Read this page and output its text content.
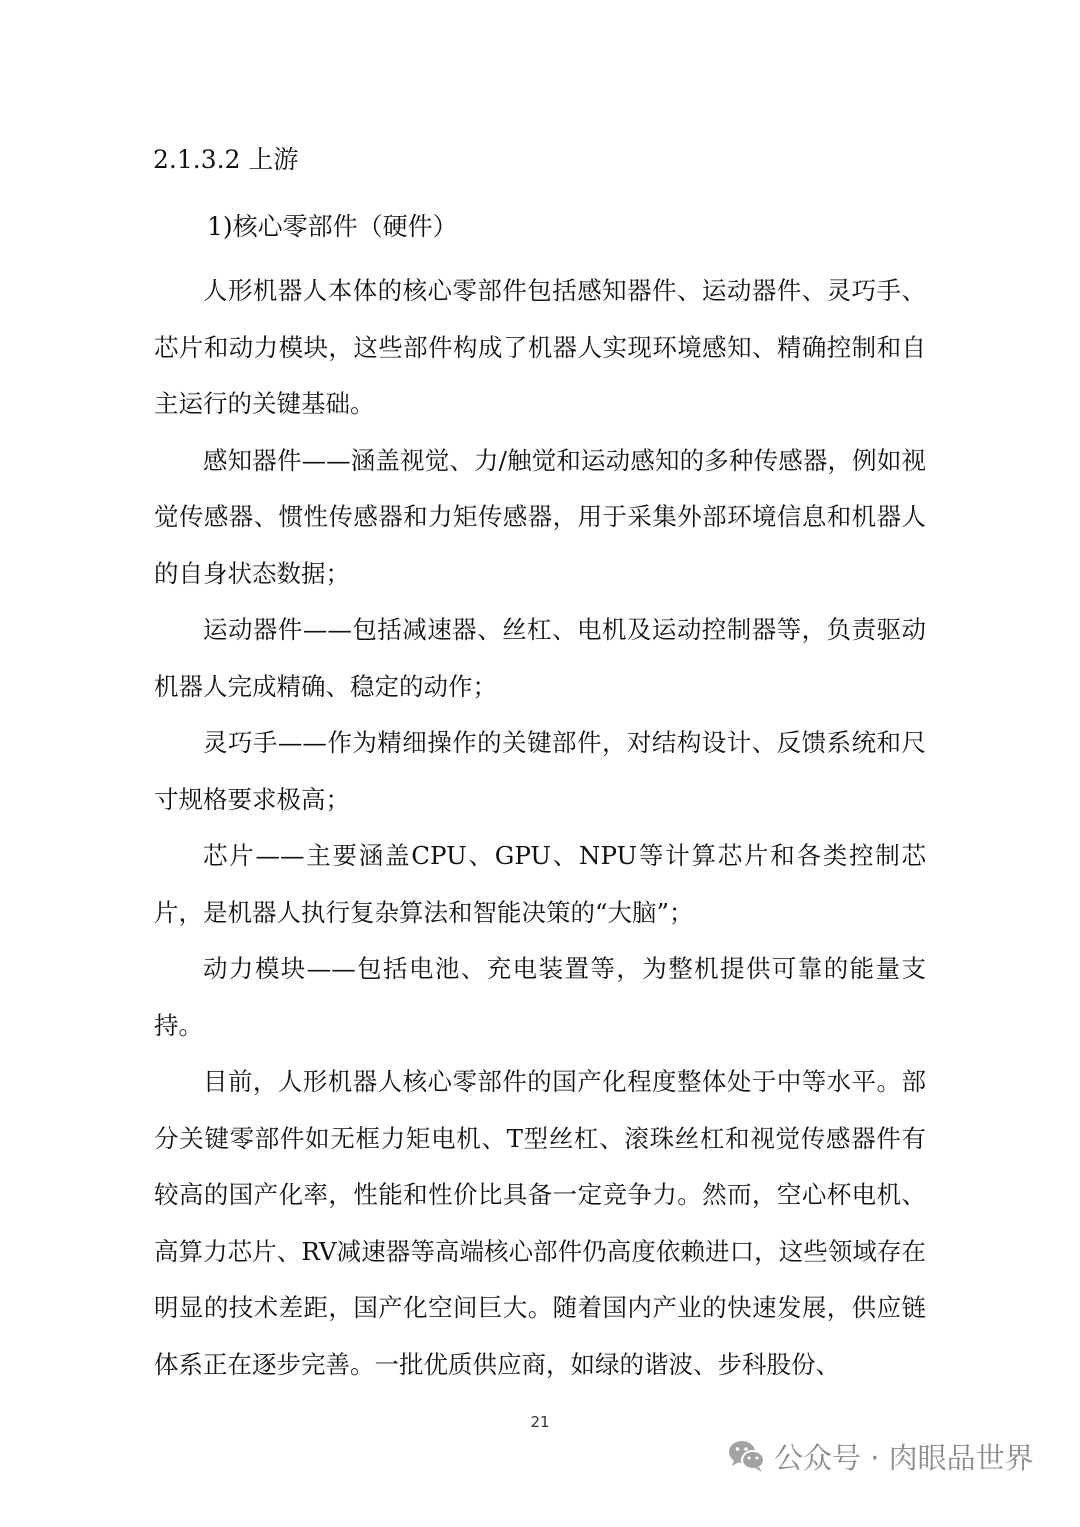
2.1.3.2 上游
1)核心零部件（硬件）

人形机器人本体的核心零部件包括感知器件、运动器件、灵巧手、芯片和动力模块，这些部件构成了机器人实现环境感知、精确控制和自主运行的关键基础。

感知器件——涵盖视觉、力/触觉和运动感知的多种传感器，例如视觉传感器、惯性传感器和力矩传感器，用于采集外部环境信息和机器人的自身状态数据；

运动器件——包括减速器、丝杠、电机及运动控制器等，负责驱动机器人完成精确、稳定的动作；

灵巧手——作为精细操作的关键部件，对结构设计、反馈系统和尺寸规格要求极高；

芯片——主要涵盖CPU、GPU、NPU等计算芯片和各类控制芯片，是机器人执行复杂算法和智能决策的“大脑”；

动力模块——包括电池、充电装置等，为整机提供可靠的能量支持。

目前，人形机器人核心零部件的国产化程度整体处于中等水平。部分关键零部件如无框力矩电机、T型丝杠、滚珠丝杠和视觉传感器件有较高的国产化率，性能和性价比具备一定竞争力。然而，空心杯电机、高算力芯片、RV减速器等高端核心部件仍高度依赖进口，这些领域存在明显的技术差距，国产化空间巨大。随着国内产业的快速发展，供应链体系正在逐步完善。一批优质供应商，如绿的谐波、步科股份、

21
公众号 · 肉眼品世界
